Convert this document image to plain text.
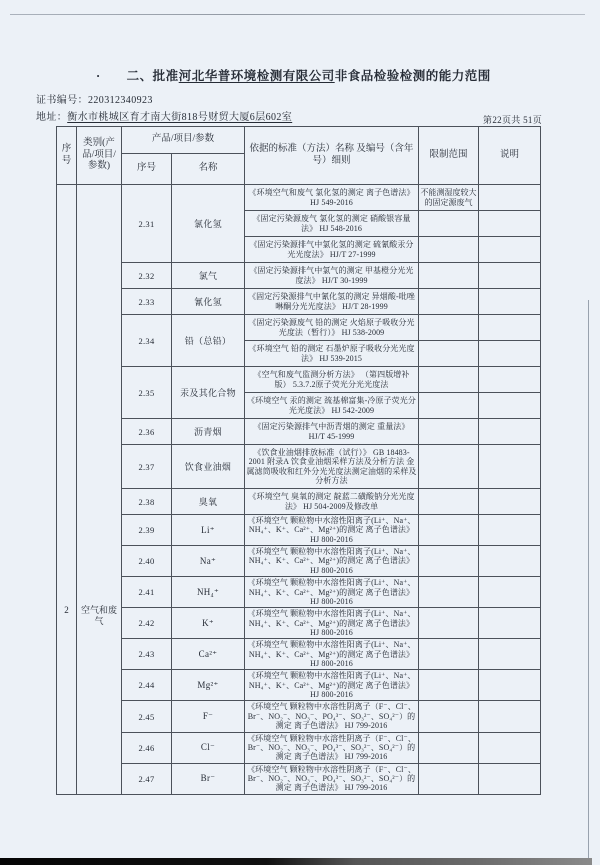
· 二、批准河北华普环境检测有限公司非食品检验检测的能力范围
证书编号：220312340923
地址：衡水市桃城区育才南大街818号财贸大厦6层602室	第22页共 51页
序号	类别(产品/项目/参数)	产品/项目/参数		依据的标准（方法）名称 及编号（含年号）细则	限制范围	说明
		序号	名称			
2	空气和废气	2.31	氯化氢	《环境空气和废气 氯化氢的测定 离子色谱法》 HJ 549-2016	不能测湿度较大的固定源废气	
				《固定污染源废气 氯化氢的测定 硝酸银容量法》 HJ 548-2016		
				《固定污染源排气中氯化氢的测定 硫氰酸汞分光光度法》 HJ/T 27-1999		
		2.32	氯气	《固定污染源排气中氯气的测定 甲基橙分光光度法》 HJ/T 30-1999		
		2.33	氰化氢	《固定污染源排气中氰化氢的测定 异烟酸-吡唑啉酮分光光度法》 HJ/T 28-1999		
		2.34	铅（总铅）	《固定污染源废气 铅的测定 火焰原子吸收分光光度法（暂行）》 HJ 538-2009		
				《环境空气 铅的测定 石墨炉原子吸收分光光度法》 HJ 539-2015		
		2.35	汞及其化合物	《空气和废气监测分析方法》 （第四版增补版） 5.3.7.2原子荧光分光光度法		
				《环境空气 汞的测定 巯基棉富集-冷原子荧光分光光度法》 HJ 542-2009		
		2.36	沥青烟	《固定污染源排气中沥青烟的测定 重量法》 HJ/T 45-1999		
		2.37	饮食业油烟	《饮食业油烟排放标准（试行）》 GB 18483-2001 附录A 饮食业油烟采样方法及分析方法 金属滤筒吸收和红外分光光度法测定油烟的采样及分析方法		
		2.38	臭氧	《环境空气 臭氧的测定 靛蓝二磺酸钠分光光度法》 HJ 504-2009及修改单		
		2.39	Li⁺	《环境空气 颗粒物中水溶性阳离子(Li⁺、Na⁺、NH₄⁺、K⁺、Ca²⁺、Mg²⁺)的测定 离子色谱法》 HJ 800-2016		
		2.40	Na⁺	《环境空气 颗粒物中水溶性阳离子(Li⁺、Na⁺、NH₄⁺、K⁺、Ca²⁺、Mg²⁺)的测定 离子色谱法》 HJ 800-2016		
		2.41	NH₄⁺	《环境空气 颗粒物中水溶性阳离子(Li⁺、Na⁺、NH₄⁺、K⁺、Ca²⁺、Mg²⁺)的测定 离子色谱法》 HJ 800-2016		
		2.42	K⁺	《环境空气 颗粒物中水溶性阳离子(Li⁺、Na⁺、NH₄⁺、K⁺、Ca²⁺、Mg²⁺)的测定 离子色谱法》 HJ 800-2016		
		2.43	Ca²⁺	《环境空气 颗粒物中水溶性阳离子(Li⁺、Na⁺、NH₄⁺、K⁺、Ca²⁺、Mg²⁺)的测定 离子色谱法》 HJ 800-2016		
		2.44	Mg²⁺	《环境空气 颗粒物中水溶性阳离子(Li⁺、Na⁺、NH₄⁺、K⁺、Ca²⁺、Mg²⁺)的测定 离子色谱法》 HJ 800-2016		
		2.45	F⁻	《环境空气 颗粒物中水溶性阴离子（F⁻、Cl⁻、Br⁻、NO₂⁻、NO₃⁻、PO₄³⁻、SO₃²⁻、SO₄²⁻）的测定 离子色谱法》 HJ 799-2016		
		2.46	Cl⁻	《环境空气 颗粒物中水溶性阴离子（F⁻、Cl⁻、Br⁻、NO₂⁻、NO₃⁻、PO₄³⁻、SO₃²⁻、SO₄²⁻）的测定 离子色谱法》 HJ 799-2016		
		2.47	Br⁻	《环境空气 颗粒物中水溶性阴离子（F⁻、Cl⁻、Br⁻、NO₂⁻、NO₃⁻、PO₄³⁻、SO₃²⁻、SO₄²⁻）的测定 离子色谱法》 HJ 799-2016		
